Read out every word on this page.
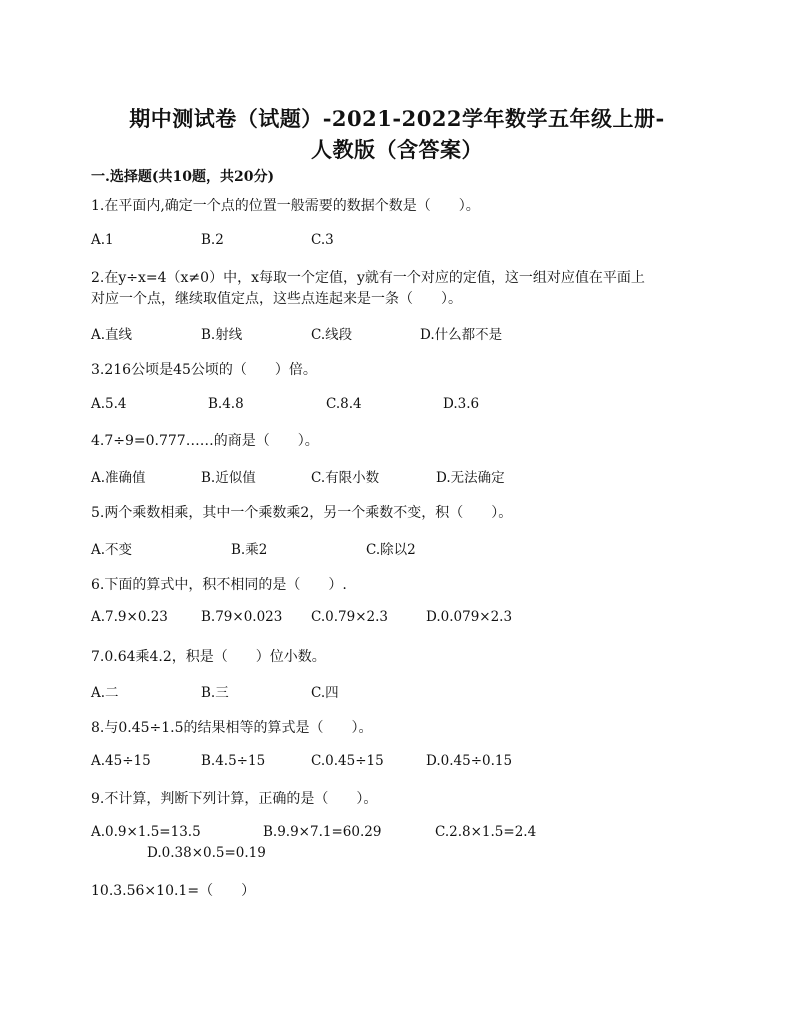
期中测试卷（试题）-2021-2022学年数学五年级上册-
人教版（含答案）
一.选择题(共10题，共20分)
1.在平面内,确定一个点的位置一般需要的数据个数是（　　）。
A.1	B.2	C.3
2.在y÷x=4（x≠0）中，x每取一个定值，y就有一个对应的定值，这一组对应值在平面上
对应一个点，继续取值定点，这些点连起来是一条（　　）。
A.直线	B.射线	C.线段	D.什么都不是
3.216公顷是45公顷的（　　）倍。
A.5.4	B.4.8	C.8.4	D.3.6
4.7÷9=0.777……的商是（　　）。
A.准确值	B.近似值	C.有限小数	D.无法确定
5.两个乘数相乘，其中一个乘数乘2，另一个乘数不变，积（　　）。
A.不变	B.乘2	C.除以2
6.下面的算式中，积不相同的是（　　）.
A.7.9×0.23 B.79×0.023 C.0.79×2.3	D.0.079×2.3
7.0.64乘4.2，积是（　　）位小数。
A.二	B.三	C.四
8.与0.45÷1.5的结果相等的算式是（　　）。
A.45÷15	B.4.5÷15	C.0.45÷15	D.0.45÷0.15
9.不计算，判断下列计算，正确的是（　　）。
A.0.9×1.5=13.5	B.9.9×7.1=60.29	C.2.8×1.5=2.4
D.0.38×0.5=0.19
10.3.56×10.1=（　　）
